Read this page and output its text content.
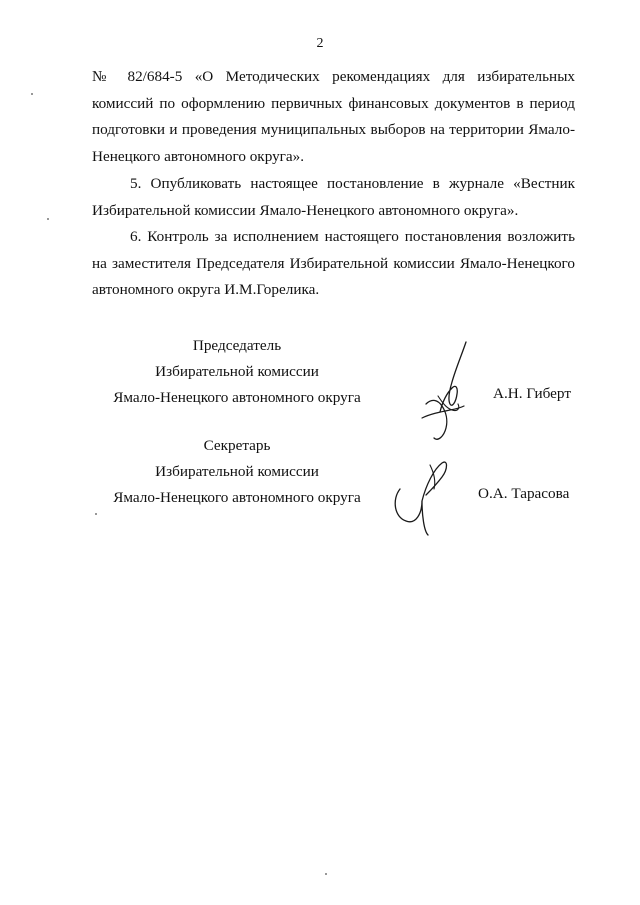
2

№ 82/684-5 «О Методических рекомендациях для избирательных комиссий по оформлению первичных финансовых документов в период подготовки и проведения муниципальных выборов на территории Ямало-Ненецкого автономного округа».

5. Опубликовать настоящее постановление в журнале «Вестник Избирательной комиссии Ямало-Ненецкого автономного округа».

6. Контроль за исполнением настоящего постановления возложить на заместителя Председателя Избирательной комиссии Ямало-Ненецкого автономного округа И.М.Горелика.

Председатель
Избирательной комиссии
Ямало-Ненецкого автономного округа	А.Н. Гиберт
Секретарь
Избирательной комиссии
Ямало-Ненецкого автономного округа	О.А. Тарасова
